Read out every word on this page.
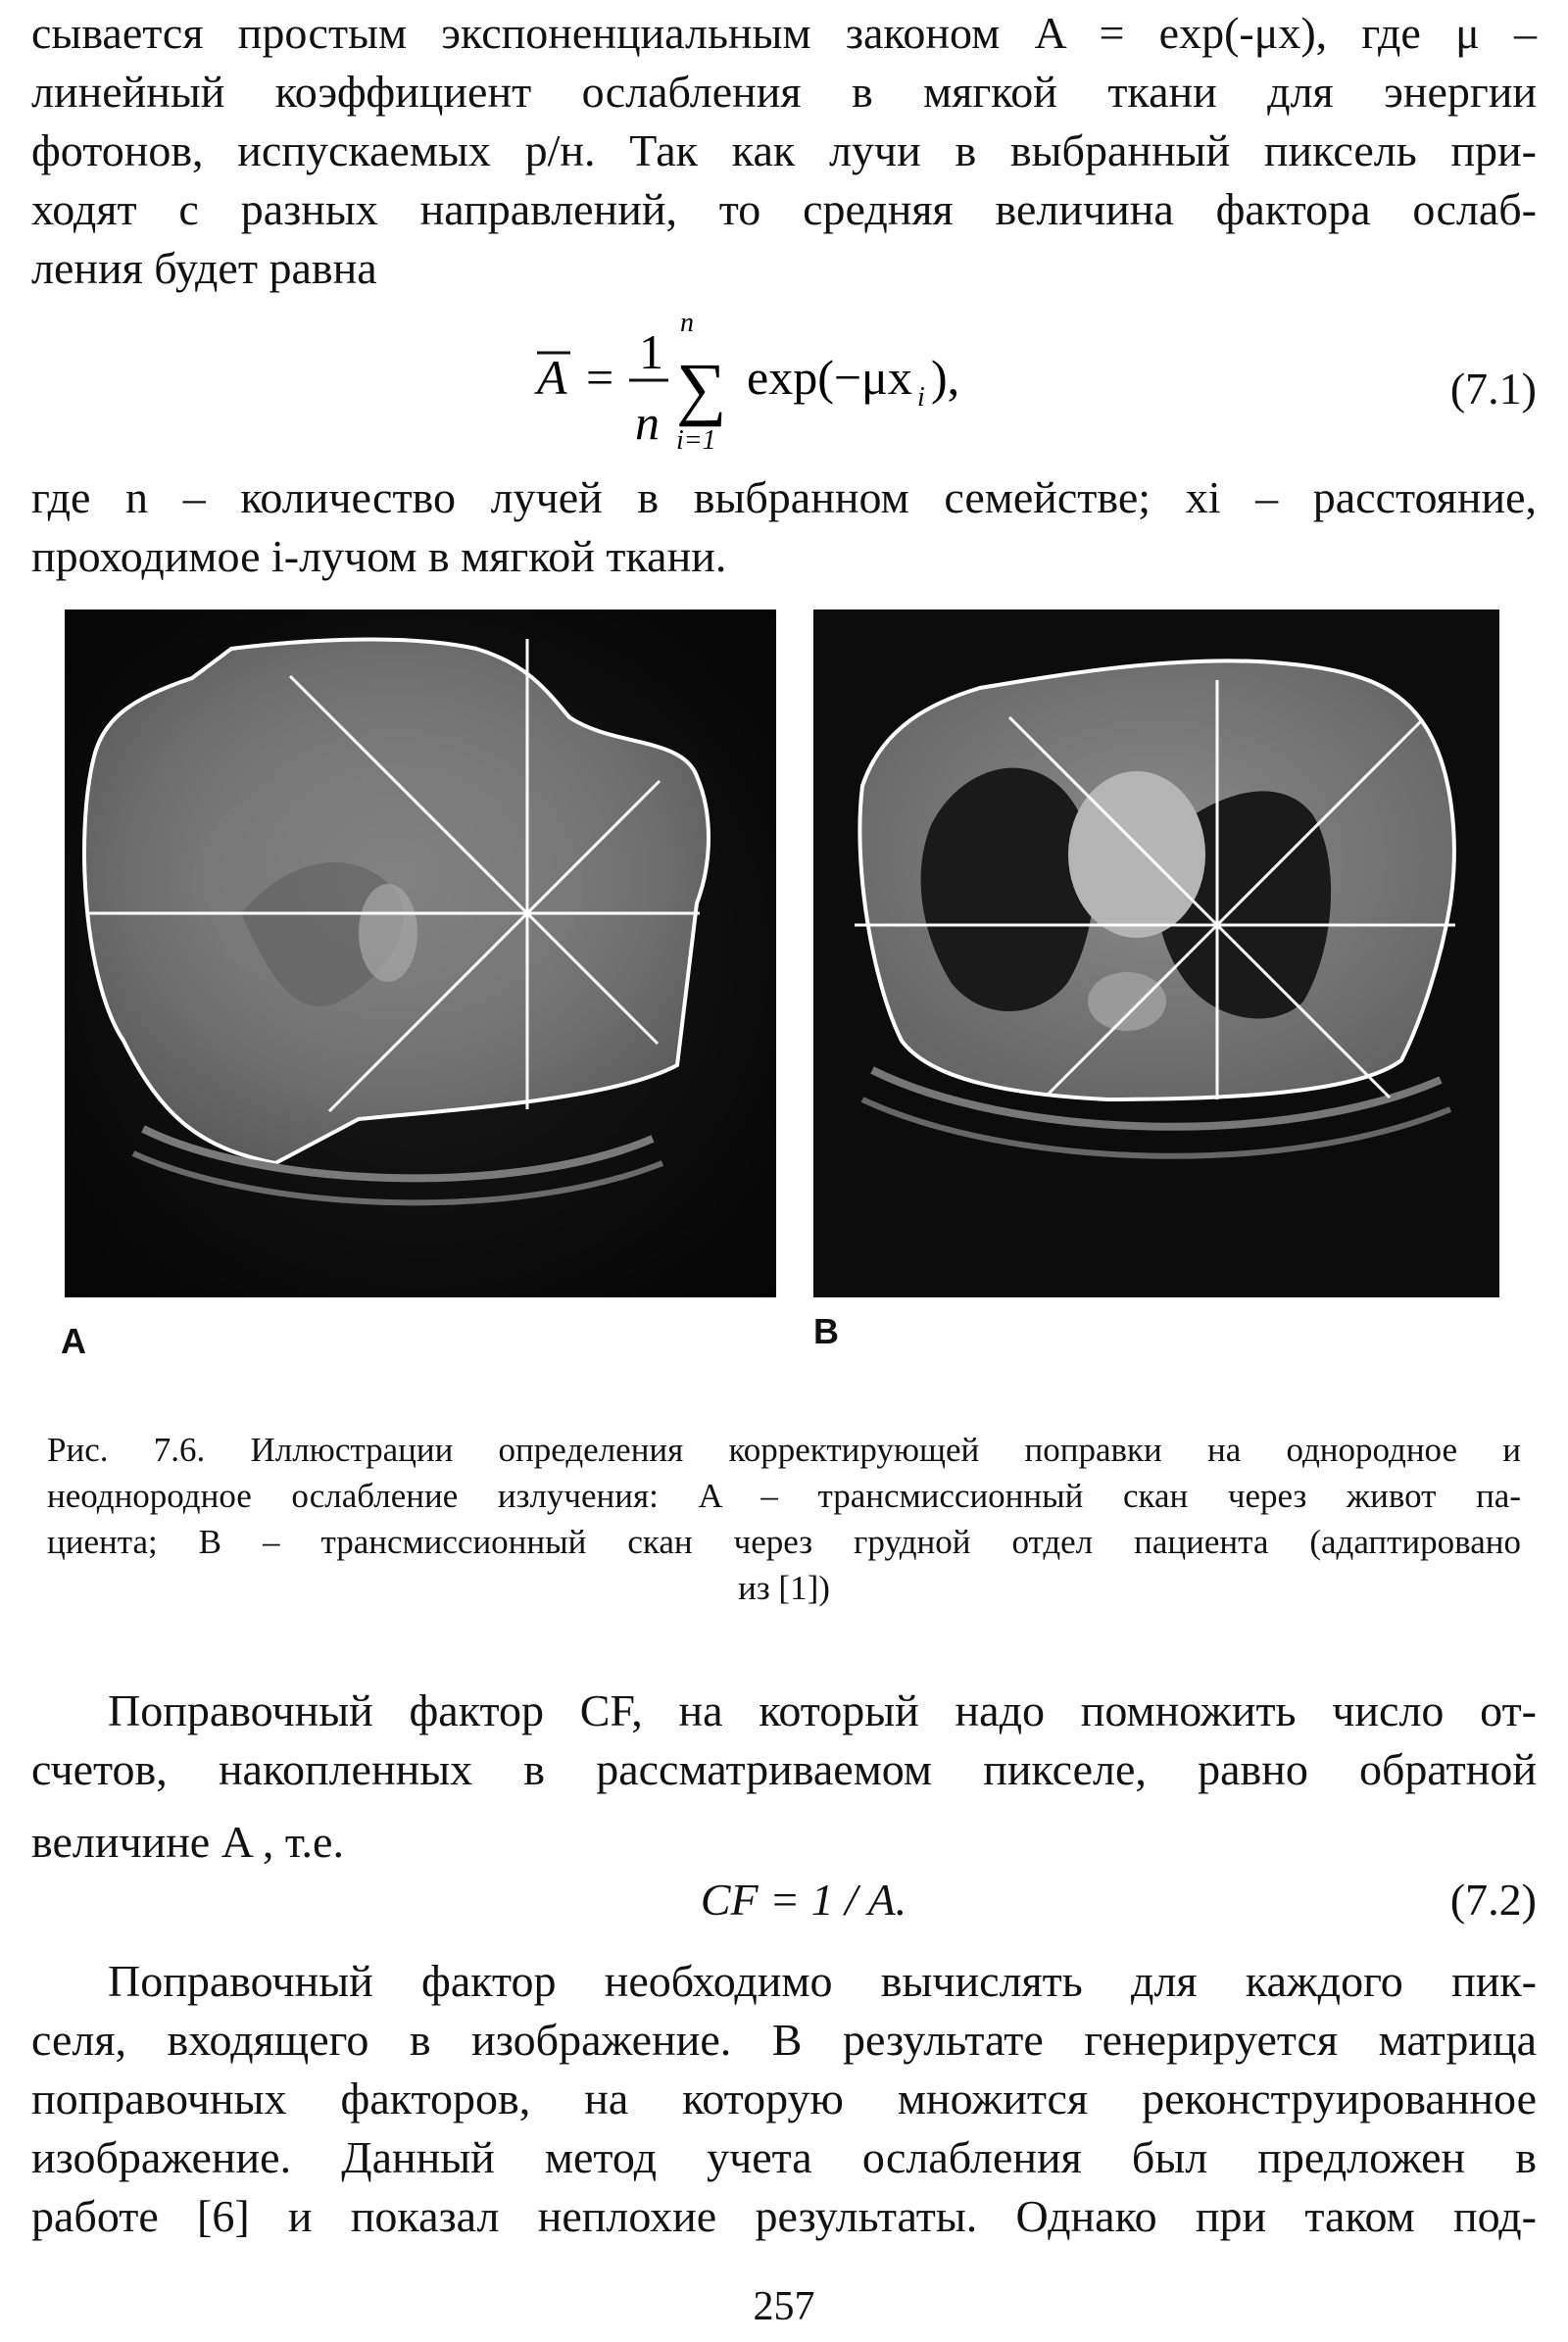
сывается простым экспоненциальным законом A = exp(-μx), где μ –
линейный коэффициент ослабления в мягкой ткани для энергии
фотонов, испускаемых р/н. Так как лучи в выбранный пиксель при-
ходят с разных направлений, то средняя величина фактора ослаб-
ления будет равна
A = 1
n
n
∑
i=1
exp(−μx i ),	(7.1)
где n – количество лучей в выбранном семействе; xi – расстояние,
проходимое i-лучом в мягкой ткани.
A	B
Рис. 7.6. Иллюстрации определения корректирующей поправки на однородное и
неоднородное ослабление излучения: A – трансмиссионный скан через живот па-
циента; B – трансмиссионный скан через грудной отдел пациента (адаптировано
из [1])
Поправочный фактор CF, на который надо помножить число от-
счетов, накопленных в рассматриваемом пикселе, равно обратной
величине A , т.е.
CF = 1 / A.	(7.2)
Поправочный фактор необходимо вычислять для каждого пик-
селя, входящего в изображение. В результате генерируется матрица
поправочных факторов, на которую множится реконструированное
изображение. Данный метод учета ослабления был предложен в
работе [6] и показал неплохие результаты. Однако при таком под-
257
